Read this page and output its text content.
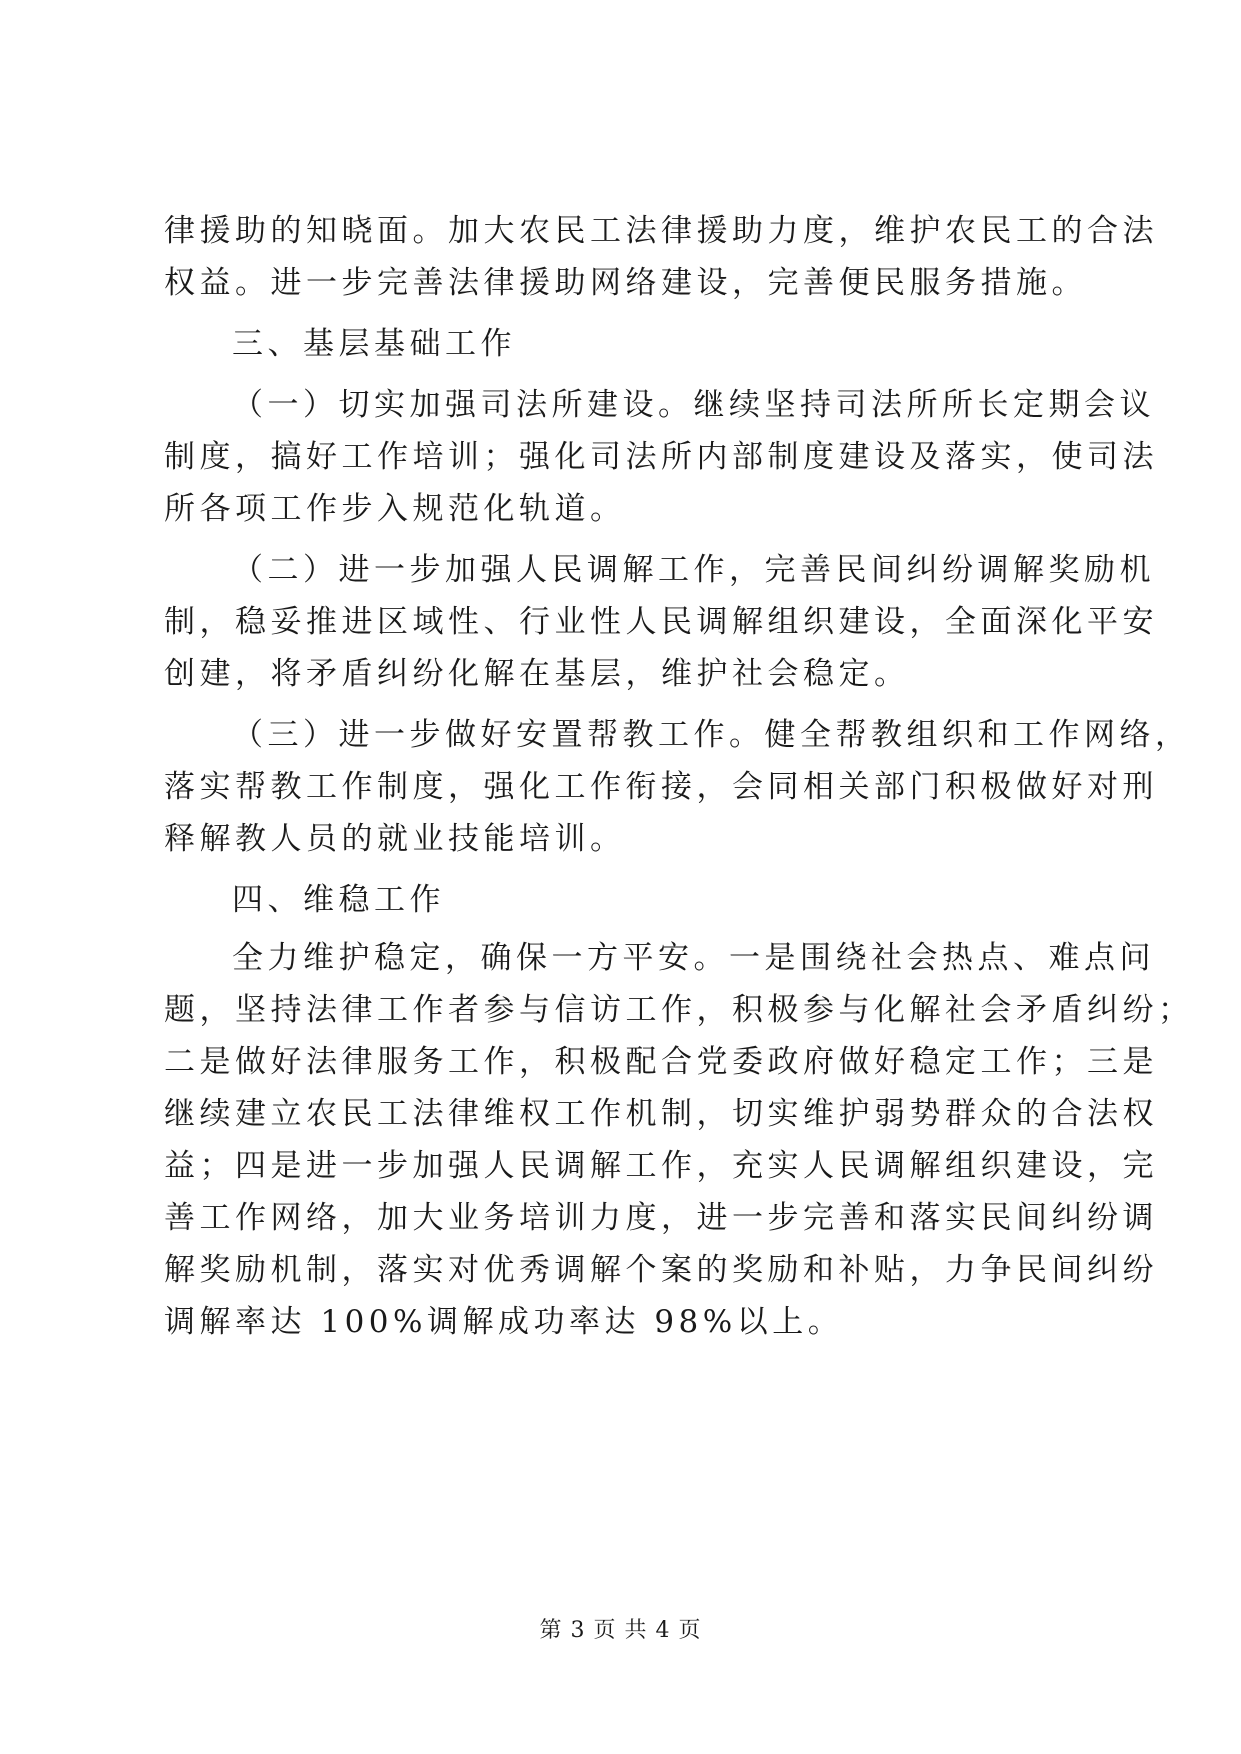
律援助的知晓面。加大农民工法律援助力度，维护农民工的合法
权益。进一步完善法律援助网络建设，完善便民服务措施。
三、基层基础工作
（一）切实加强司法所建设。继续坚持司法所所长定期会议
制度，搞好工作培训；强化司法所内部制度建设及落实，使司法
所各项工作步入规范化轨道。
（二）进一步加强人民调解工作，完善民间纠纷调解奖励机
制，稳妥推进区域性、行业性人民调解组织建设，全面深化平安
创建，将矛盾纠纷化解在基层，维护社会稳定。
（三）进一步做好安置帮教工作。健全帮教组织和工作网络，
落实帮教工作制度，强化工作衔接，会同相关部门积极做好对刑
释解教人员的就业技能培训。
四、维稳工作
全力维护稳定，确保一方平安。一是围绕社会热点、难点问
题，坚持法律工作者参与信访工作，积极参与化解社会矛盾纠纷；
二是做好法律服务工作，积极配合党委政府做好稳定工作；三是
继续建立农民工法律维权工作机制，切实维护弱势群众的合法权
益；四是进一步加强人民调解工作，充实人民调解组织建设，完
善工作网络，加大业务培训力度，进一步完善和落实民间纠纷调
解奖励机制，落实对优秀调解个案的奖励和补贴，力争民间纠纷
调解率达 100%调解成功率达 98%以上。
第 3 页 共 4 页
